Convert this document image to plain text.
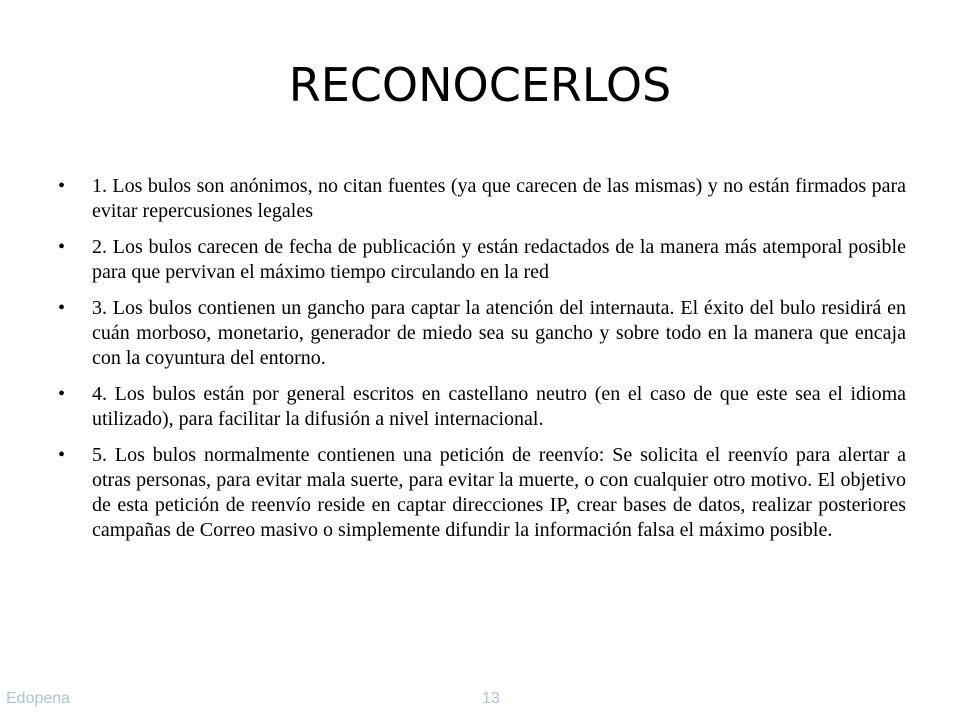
RECONOCERLOS
• 1. Los bulos son anónimos, no citan fuentes (ya que carecen de las mismas) y no están firmados para evitar repercusiones legales
• 2. Los bulos carecen de fecha de publicación y están redactados de la manera más atemporal posible para que pervivan el máximo tiempo circulando en la red
• 3. Los bulos contienen un gancho para captar la atención del internauta. El éxito del bulo residirá en cuán morboso, monetario, generador de miedo sea su gancho y sobre todo en la manera que encaja con la coyuntura del entorno.
• 4. Los bulos están por general escritos en castellano neutro (en el caso de que este sea el idioma utilizado), para facilitar la difusión a nivel internacional.
• 5. Los bulos normalmente contienen una petición de reenvío: Se solicita el reenvío para alertar a otras personas, para evitar mala suerte, para evitar la muerte, o con cualquier otro motivo. El objetivo de esta petición de reenvío reside en captar direcciones IP, crear bases de datos, realizar posteriores campañas de Correo masivo o simplemente difundir la información falsa el máximo posible.
Edopena	13
